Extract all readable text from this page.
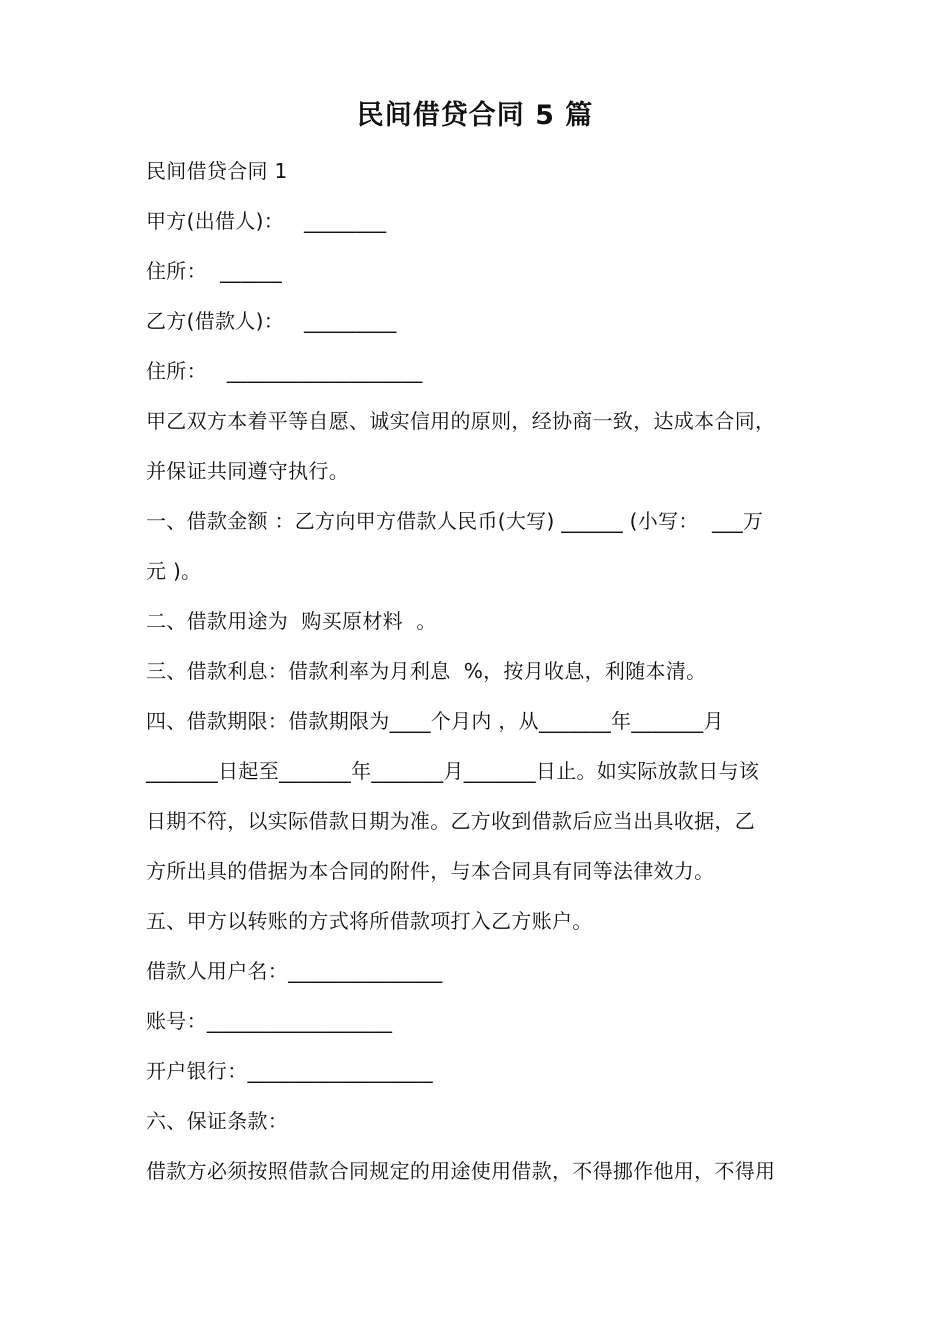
民间借贷合同 5 篇
民间借贷合同 1
甲方(出借人)：   ________
住所：  ______
乙方(借款人)：   _________
住所：   ___________________
甲乙双方本着平等自愿、诚实信用的原则，经协商一致，达成本合同，
并保证共同遵守执行。
一、借款金额 ：乙方向甲方借款人民币(大写) ______ (小写：  ___万
元 )。
二、借款用途为  购买原材料  。
三、借款利息：借款利率为月利息  %，按月收息，利随本清。
四、借款期限：借款期限为____个月内 ，从_______年_______月
_______日起至_______年_______月_______日止。如实际放款日与该
日期不符，以实际借款日期为准。乙方收到借款后应当出具收据，乙
方所出具的借据为本合同的附件，与本合同具有同等法律效力。
五、甲方以转账的方式将所借款项打入乙方账户。
借款人用户名：_______________
账号：__________________
开户银行：__________________
六、保证条款：
借款方必须按照借款合同规定的用途使用借款，不得挪作他用，不得用
